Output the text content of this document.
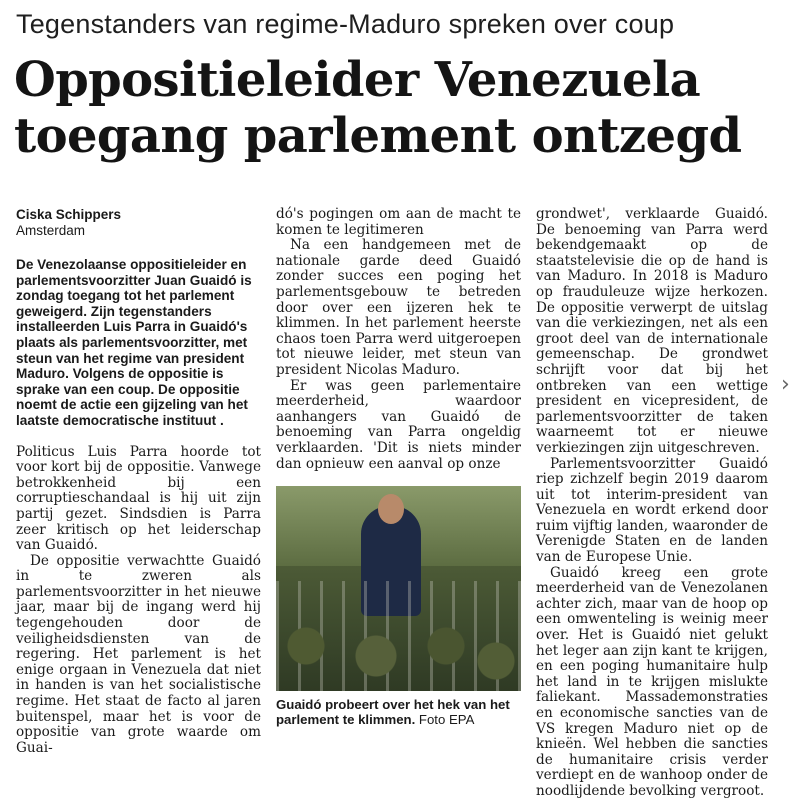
Tegenstanders van regime-Maduro spreken over coup
Oppositieleider Venezuela
toegang parlement ontzegd
Ciska Schippers
Amsterdam
De Venezolaanse oppositieleider en parlementsvoorzitter Juan Guaidó is zondag toegang tot het parlement geweigerd. Zijn tegenstanders installeerden Luis Parra in Guaidó's plaats als parlementsvoorzitter, met steun van het regime van president Maduro. Volgens de oppositie is sprake van een coup. De oppositie noemt de actie een gijzeling van het laatste democratische instituut .

Politicus Luis Parra hoorde tot voor kort bij de oppositie. Vanwege betrokkenheid bij een corruptieschandaal is hij uit zijn partij gezet. Sindsdien is Parra zeer kritisch op het leiderschap van Guaidó.

De oppositie verwachtte Guaidó in te zweren als parlementsvoorzitter in het nieuwe jaar, maar bij de ingang werd hij tegengehouden door de veiligheidsdiensten van de regering. Het parlement is het enige orgaan in Venezuela dat niet in handen is van het socialistische regime. Het staat de facto al jaren buitenspel, maar het is voor de oppositie van grote waarde om Guai-

dó's pogingen om aan de macht te komen te legitimeren

Na een handgemeen met de nationale garde deed Guaidó zonder succes een poging het parlementsgebouw te betreden door over een ijzeren hek te klimmen. In het parlement heerste chaos toen Parra werd uitgeroepen tot nieuwe leider, met steun van president Nicolas Maduro.

Er was geen parlementaire meerderheid, waardoor aanhangers van Guaidó de benoeming van Parra ongeldig verklaarden. 'Dit is niets minder dan opnieuw een aanval op onze

Guaidó probeert over het hek van het parlement te klimmen. Foto EPA

grondwet', verklaarde Guaidó. De benoeming van Parra werd bekendgemaakt op de staatstelevisie die op de hand is van Maduro. In 2018 is Maduro op frauduleuze wijze herkozen. De oppositie verwerpt de uitslag van die verkiezingen, net als een groot deel van de internationale gemeenschap. De grondwet schrijft voor dat bij het ontbreken van een wettige president en vicepresident, de parlementsvoorzitter de taken waarneemt tot er nieuwe verkiezingen zijn uitgeschreven.

Parlementsvoorzitter Guaidó riep zichzelf begin 2019 daarom uit tot interim-president van Venezuela en wordt erkend door ruim vijftig landen, waaronder de Verenigde Staten en de landen van de Europese Unie.

Guaidó kreeg een grote meerderheid van de Venezolanen achter zich, maar van de hoop op een omwenteling is weinig meer over. Het is Guaidó niet gelukt het leger aan zijn kant te krijgen, en een poging humanitaire hulp het land in te krijgen mislukte faliekant. Massademonstraties en economische sancties van de VS kregen Maduro niet op de knieën. Wel hebben die sancties de humanitaire crisis verder verdiept en de wanhoop onder de noodlijdende bevolking vergroot.

›
